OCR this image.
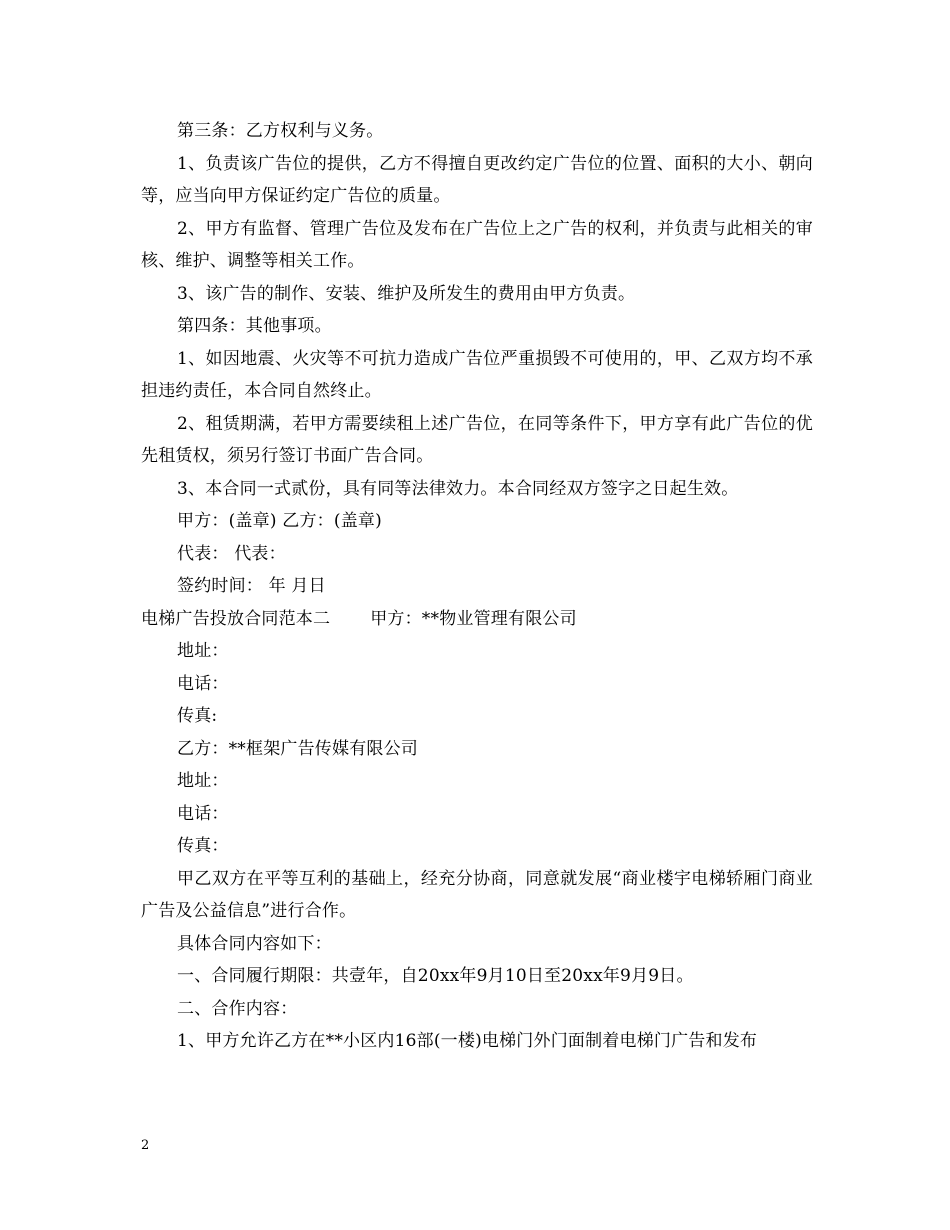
第三条：乙方权利与义务。

1、负责该广告位的提供，乙方不得擅自更改约定广告位的位置、面积的大小、朝向等，应当向甲方保证约定广告位的质量。

2、甲方有监督、管理广告位及发布在广告位上之广告的权利，并负责与此相关的审核、维护、调整等相关工作。

3、该广告的制作、安装、维护及所发生的费用由甲方负责。

第四条：其他事项。

1、如因地震、火灾等不可抗力造成广告位严重损毁不可使用的，甲、乙双方均不承担违约责任，本合同自然终止。

2、租赁期满，若甲方需要续租上述广告位，在同等条件下，甲方享有此广告位的优先租赁权，须另行签订书面广告合同。

3、本合同一式贰份，具有同等法律效力。本合同经双方签字之日起生效。

甲方：(盖章) 乙方：(盖章)

代表： 代表：

签约时间： 年 月日

电梯广告投放合同范本二 甲方：**物业管理有限公司

地址：

电话：

传真:

乙方：**框架广告传媒有限公司

地址：

电话：

传真：

甲乙双方在平等互利的基础上，经充分协商，同意就发展“商业楼宇电梯轿厢门商业广告及公益信息”进行合作。

具体合同内容如下：

一、合同履行期限：共壹年，自20xx年9月10日至20xx年9月9日。

二、合作内容：

1、甲方允许乙方在**小区内16部(一楼)电梯门外门面制着电梯门广告和发布

2
